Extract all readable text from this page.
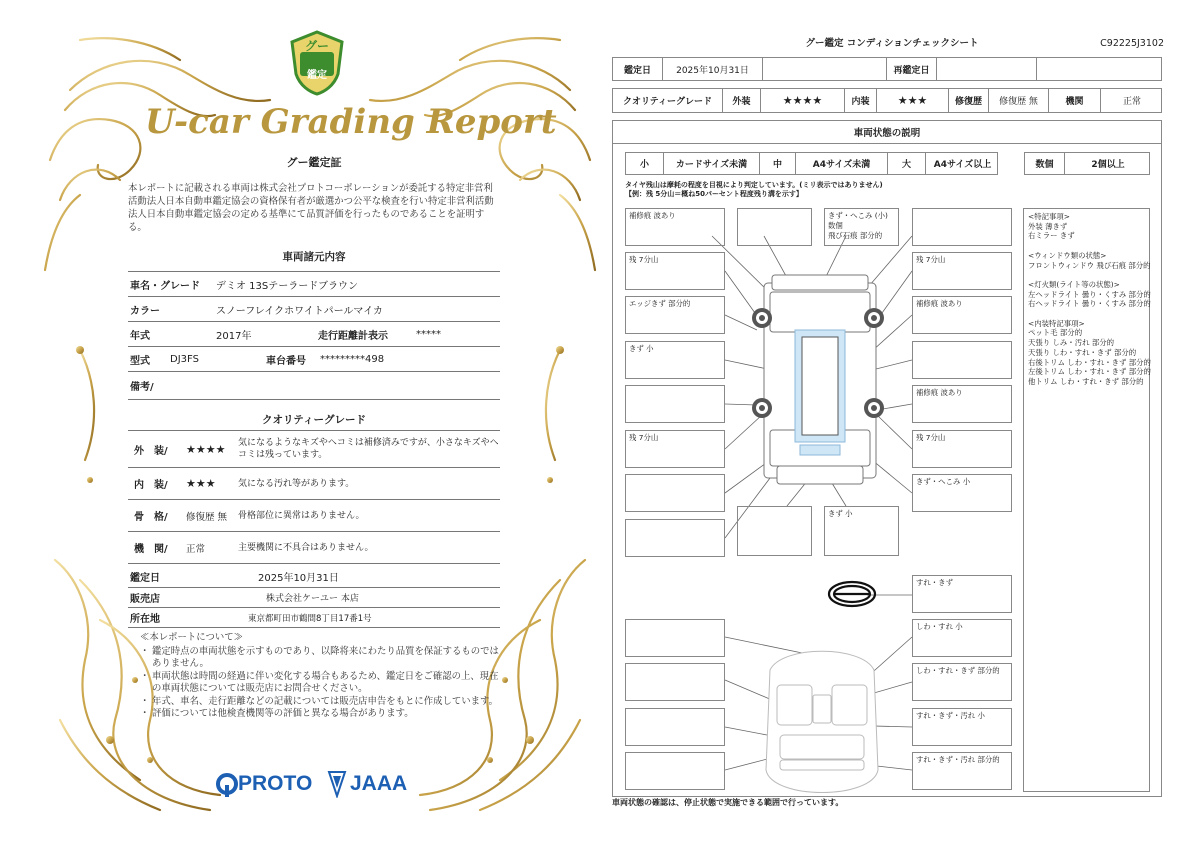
グー
鑑定
U-car Grading Report
グー鑑定証
本レポートに記載される車両は株式会社プロトコーポレーションが委託する特定非営利活動法人日本自動車鑑定協会の資格保有者が厳選かつ公平な検査を行い特定非営利活動法人日本自動車鑑定協会の定める基準にて品質評価を行ったものであることを証明する。
車両諸元内容
車名・グレード	デミオ 13Sテーラードブラウン
カラー	スノーフレイクホワイトパールマイカ
年式	2017年	走行距離計表示	*****
型式	DJ3FS	車台番号	*********498
備考/
クオリティーグレード
外　装/	★★★★	気になるようなキズやヘコミは補修済みですが、小さなキズやヘコミは残っています。
内　装/	★★★	気になる汚れ等があります。
骨　格/	修復歴 無	骨格部位に異常はありません。
機　関/	正常	主要機関に不具合はありません。
鑑定日	2025年10月31日
販売店	株式会社ケーユー 本店
所在地	東京都町田市鶴間8丁目17番1号
≪本レポートについて≫
・ 鑑定時点の車両状態を示すものであり、以降将来にわたり品質を保証するものではありません。
・ 車両状態は時間の経過に伴い変化する場合もあるため、鑑定日をご確認の上、現在の車両状態については販売店にお問合せください。
・ 年式、車名、走行距離などの記載については販売店申告をもとに作成しています。
・ 評価については他検査機関等の評価と異なる場合があります。
PROTO JAAA
グー鑑定 コンディションチェックシート	C92225J3102
鑑定日	2025年10月31日	再鑑定日
クオリティーグレード	外装	★★★★	内装	★★★	修復歴	修復歴 無	機関	正常
車両状態の説明
小	カードサイズ未満	中	A4サイズ未満	大	A4サイズ以上	数個	2個以上
タイヤ残山は摩耗の程度を目視により判定しています。(ミリ表示ではありません)
【例：残 5分山＝概ね50パーセント程度残り溝を示す】
補修痕 波あり	きず・へこみ (小) 数個
飛び石痕 部分的
残 7分山
エッジきず 部分的
きず 小
残 7分山
残 7分山
補修痕 波あり
補修痕 波あり
残 7分山
きず・へこみ 小
きず 小
すれ・きず
しわ・すれ 小
しわ・すれ・きず 部分的
すれ・きず・汚れ 小
すれ・きず・汚れ 部分的
<特記事項>
外装 薄きず
右ミラー きず
<ウィンドウ類の状態>
フロントウィンドウ 飛び石痕 部分的
<灯火類(ライト等の状態)>
左ヘッドライト 曇り・くすみ 部分的
右ヘッドライト 曇り・くすみ 部分的
<内装特記事項>
ペット毛 部分的
天張り しみ・汚れ 部分的
天張り しわ・すれ・きず 部分的
右後トリム しわ・すれ・きず 部分的
左後トリム しわ・すれ・きず 部分的
他トリム しわ・すれ・きず 部分的
車両状態の確認は、停止状態で実施できる範囲で行っています。
